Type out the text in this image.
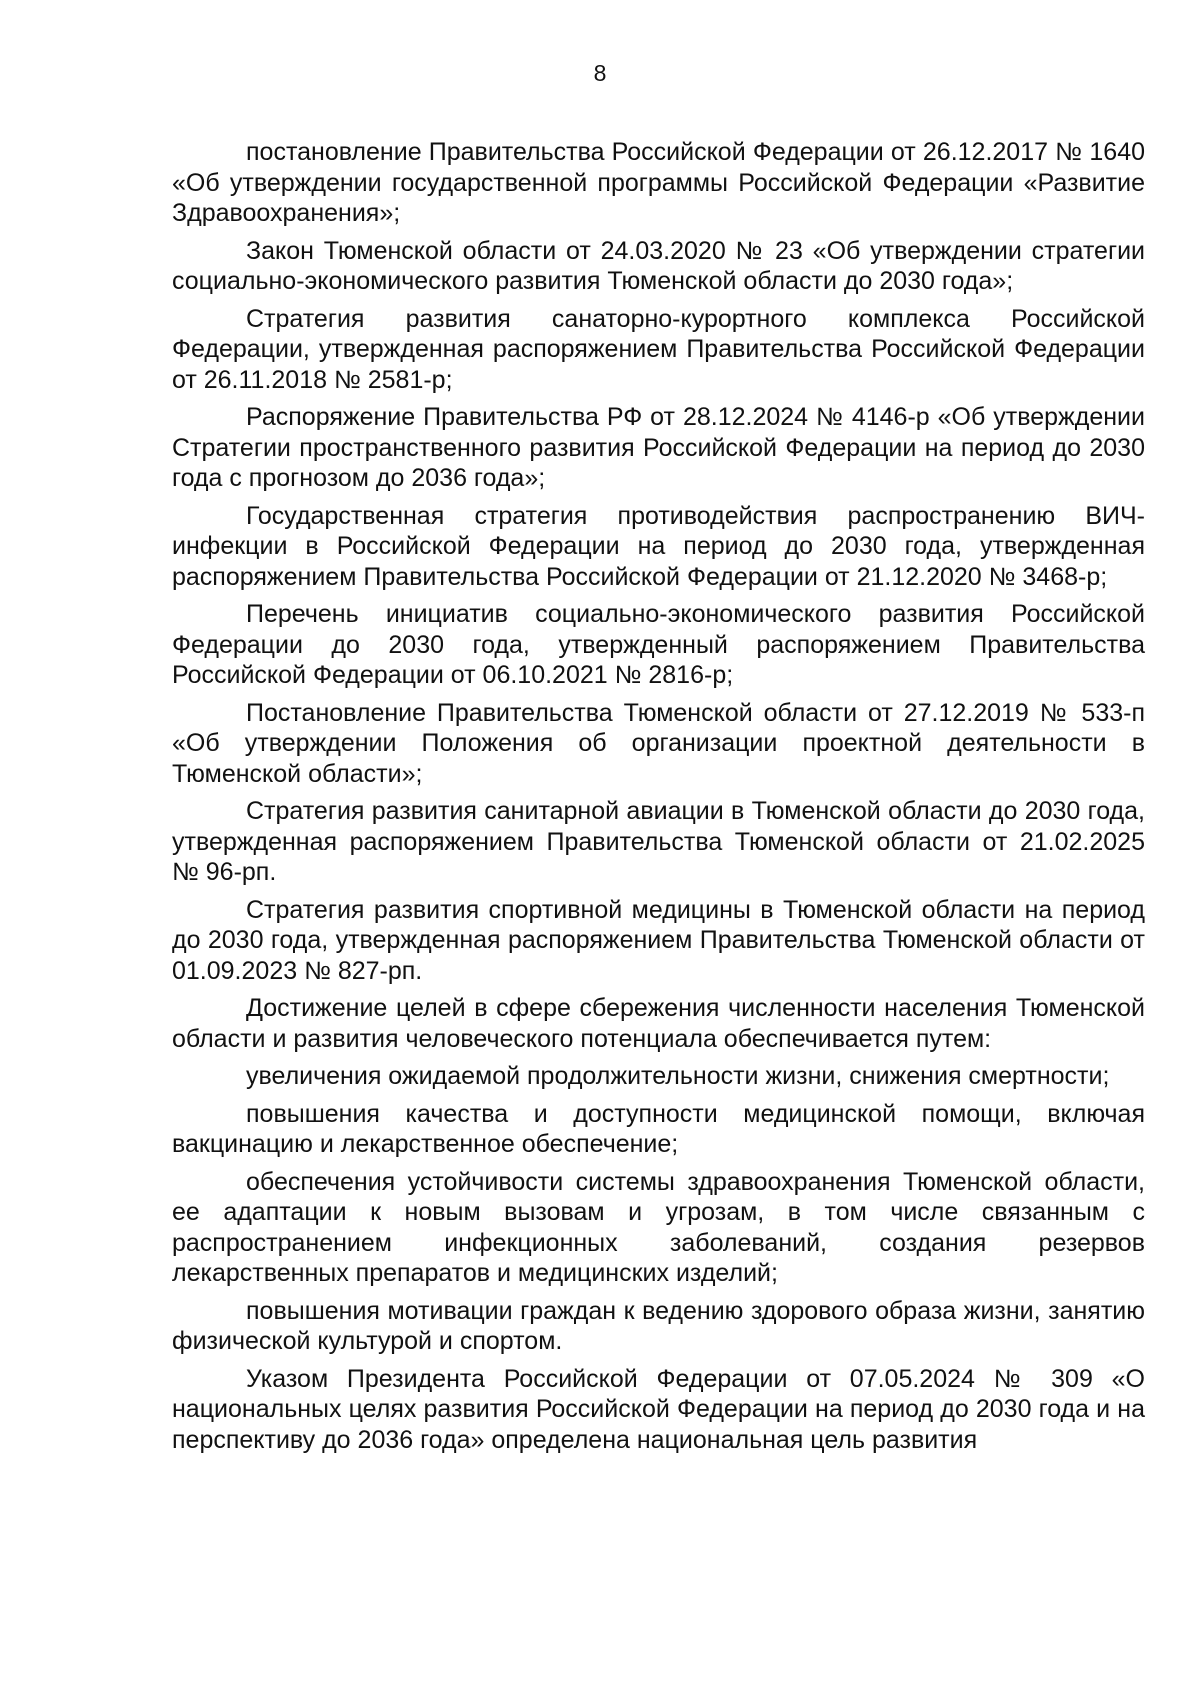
8

постановление Правительства Российской Федерации от 26.12.2017 № 1640 «Об утверждении государственной программы Российской Федерации «Развитие Здравоохранения»;

Закон Тюменской области от 24.03.2020 № 23 «Об утверждении стратегии социально-экономического развития Тюменской области до 2030 года»;

Стратегия развития санаторно-курортного комплекса Российской Федерации, утвержденная распоряжением Правительства Российской Федерации от 26.11.2018 № 2581-р;

Распоряжение Правительства РФ от 28.12.2024 № 4146-р «Об утверждении Стратегии пространственного развития Российской Федерации на период до 2030 года с прогнозом до 2036 года»;

Государственная стратегия противодействия распространению ВИЧ-инфекции в Российской Федерации на период до 2030 года, утвержденная распоряжением Правительства Российской Федерации от 21.12.2020 № 3468-р;

Перечень инициатив социально-экономического развития Российской Федерации до 2030 года, утвержденный распоряжением Правительства Российской Федерации от 06.10.2021 № 2816-р;

Постановление Правительства Тюменской области от 27.12.2019 № 533-п «Об утверждении Положения об организации проектной деятельности в Тюменской области»;

Стратегия развития санитарной авиации в Тюменской области до 2030 года, утвержденная распоряжением Правительства Тюменской области от 21.02.2025 № 96-рп.

Стратегия развития спортивной медицины в Тюменской области на период до 2030 года, утвержденная распоряжением Правительства Тюменской области от 01.09.2023 № 827-рп.

Достижение целей в сфере сбережения численности населения Тюменской области и развития человеческого потенциала обеспечивается путем:

увеличения ожидаемой продолжительности жизни, снижения смертности;

повышения качества и доступности медицинской помощи, включая вакцинацию и лекарственное обеспечение;

обеспечения устойчивости системы здравоохранения Тюменской области, ее адаптации к новым вызовам и угрозам, в том числе связанным с распространением инфекционных заболеваний, создания резервов лекарственных препаратов и медицинских изделий;

повышения мотивации граждан к ведению здорового образа жизни, занятию физической культурой и спортом.

Указом Президента Российской Федерации от 07.05.2024 № 309 «О национальных целях развития Российской Федерации на период до 2030 года и на перспективу до 2036 года» определена национальная цель развития
